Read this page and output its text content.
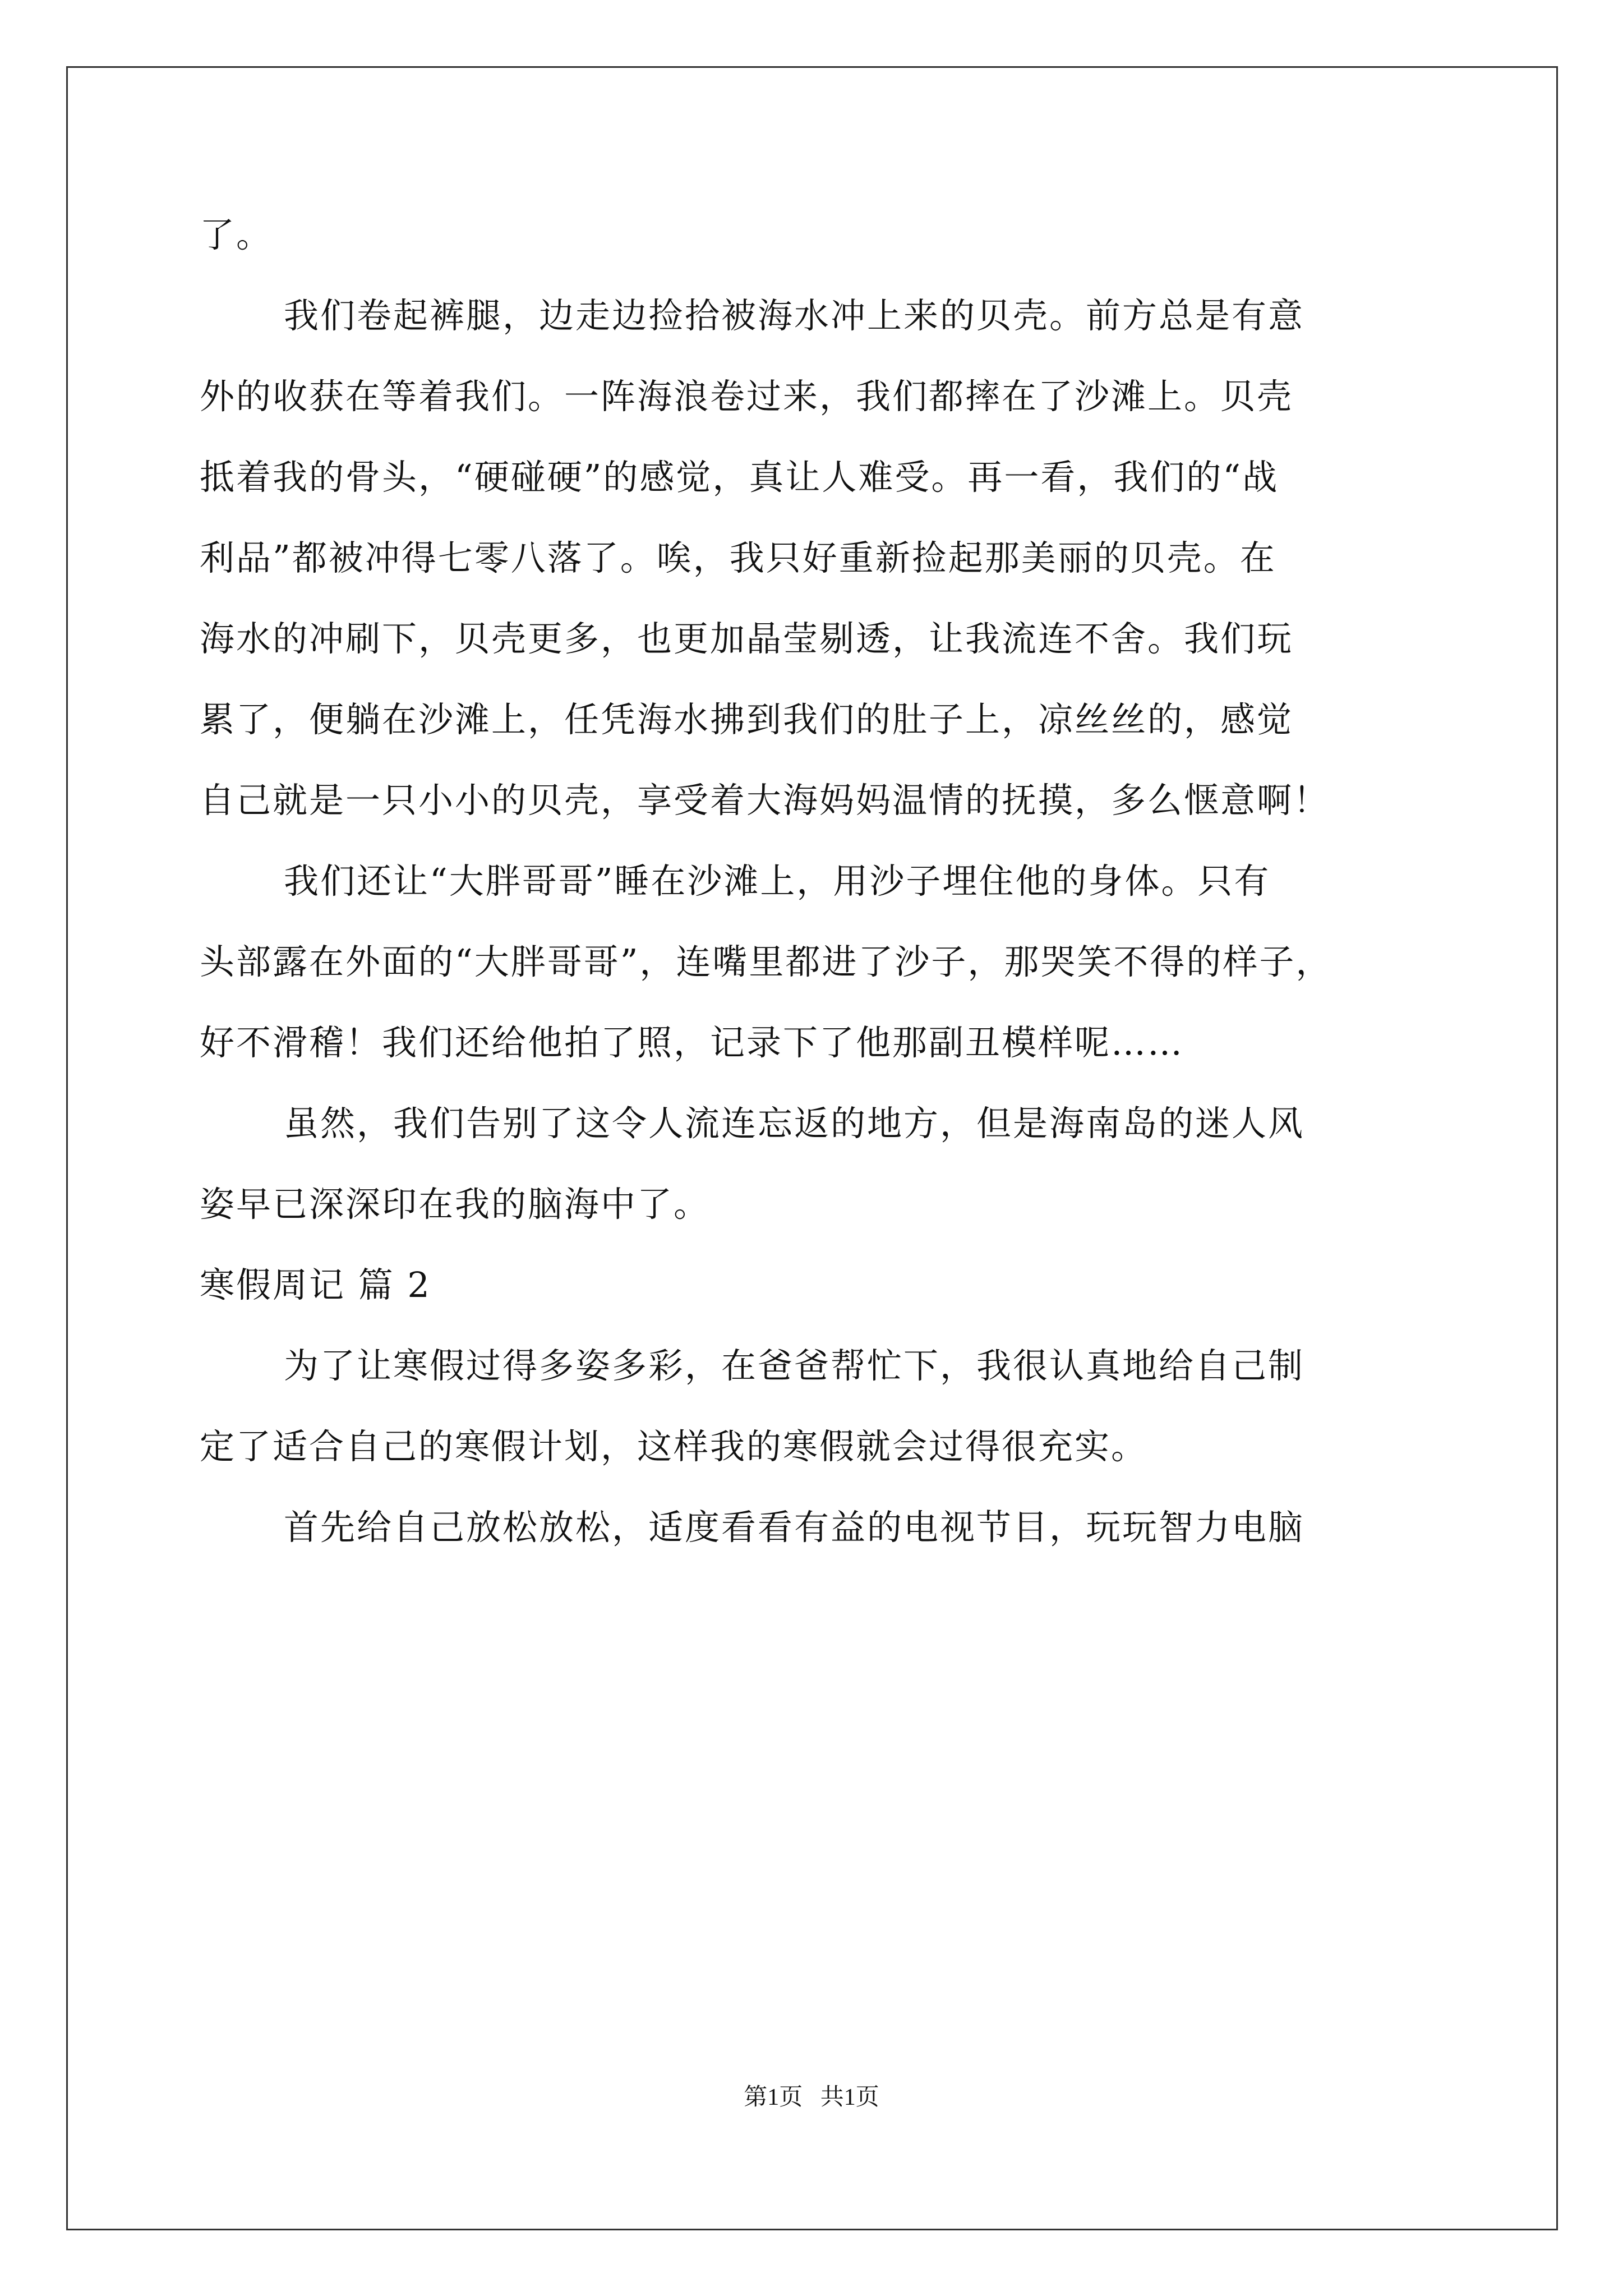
了。

我们卷起裤腿，边走边捡拾被海水冲上来的贝壳。前方总是有意

外的收获在等着我们。一阵海浪卷过来，我们都摔在了沙滩上。贝壳

抵着我的骨头，“硬碰硬”的感觉，真让人难受。再一看，我们的“战

利品”都被冲得七零八落了。唉，我只好重新捡起那美丽的贝壳。在

海水的冲刷下，贝壳更多，也更加晶莹剔透，让我流连不舍。我们玩

累了，便躺在沙滩上，任凭海水拂到我们的肚子上，凉丝丝的，感觉

自己就是一只小小的贝壳，享受着大海妈妈温情的抚摸，多么惬意啊！

我们还让“大胖哥哥”睡在沙滩上，用沙子埋住他的身体。只有

头部露在外面的“大胖哥哥”，连嘴里都进了沙子，那哭笑不得的样子，

好不滑稽！我们还给他拍了照，记录下了他那副丑模样呢……

虽然，我们告别了这令人流连忘返的地方，但是海南岛的迷人风

姿早已深深印在我的脑海中了。

寒假周记 篇 2

为了让寒假过得多姿多彩，在爸爸帮忙下，我很认真地给自己制

定了适合自己的寒假计划，这样我的寒假就会过得很充实。

首先给自己放松放松，适度看看有益的电视节目，玩玩智力电脑

第1页   共1页
